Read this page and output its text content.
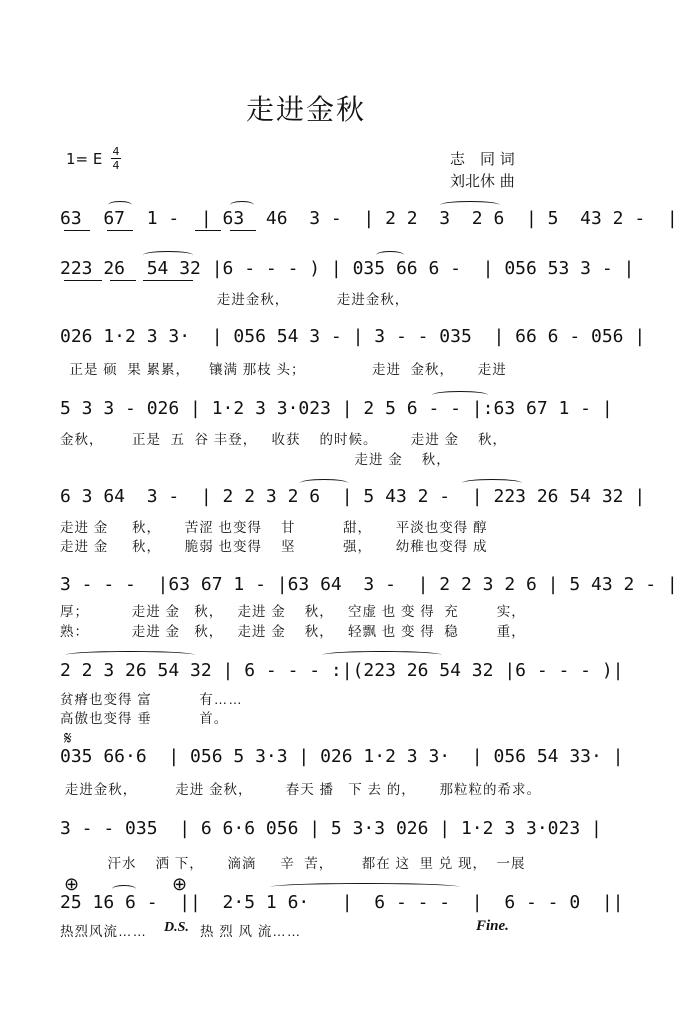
走进金秋
1= E 4
4	志　同 词
刘北休 曲
63  67  1 -  | 63  46  3 -  | 2 2  3  2 6  | 5  43 2 -  |
223 26  54 32 |6 - - - ) | 035 66 6 -  | 056 53 3 - |
走进金秋，          走进金秋，
026 1·2 3 3·  | 056 54 3 - | 3 - - 035  | 66 6 - 056 |
正是 硕  果 累累，    镶满 那枝 头；              走进  金秋，     走进
5 3 3 - 026 | 1·2 3 3·023 | 2 5 6 - - |:63 67 1 - |
金秋，      正是  五  谷 丰登，   收获    的时候。       走进 金    秋，
走进 金    秋，
6 3 64  3 -  | 2 2 3 2 6  | 5 43 2 -  | 223 26 54 32 |
走进 金     秋，     苦涩 也变得    甘          甜，     平淡也变得 醇
走进 金     秋，     脆弱 也变得    坚          强，     幼稚也变得 成
3 - - -  |63 67 1 - |63 64  3 -  | 2 2 3 2 6 | 5 43 2 - |
厚；         走进 金   秋，   走进 金    秋，   空虚 也 变 得  充        实，
熟：         走进 金   秋，   走进 金    秋，   轻飘 也 变 得  稳        重，
2 2 3 26 54 32 | 6 - - - :|(223 26 54 32 |6 - - - )|
贫瘠也变得 富          有……
高傲也变得 垂          首。
𝄋
035 66·6  | 056 5 3·3 | 026 1·2 3 3·  | 056 54 33· |
走进金秋，        走进 金秋，       春天 播   下 去 的，     那粒粒的希求。
3 - - 035  | 6 6·6 056 | 5 3·3 026 | 1·2 3 3·023 |
汗水    洒 下，     滴滴     辛  苦，      都在 这  里 兑 现，  一展
⊕	⊕
25 16 6 -  ||  2·5 1 6·   |  6 - - -  |  6 - - 0  ||
热烈风流…… D.S. 热 烈 风 流……	Fine.
